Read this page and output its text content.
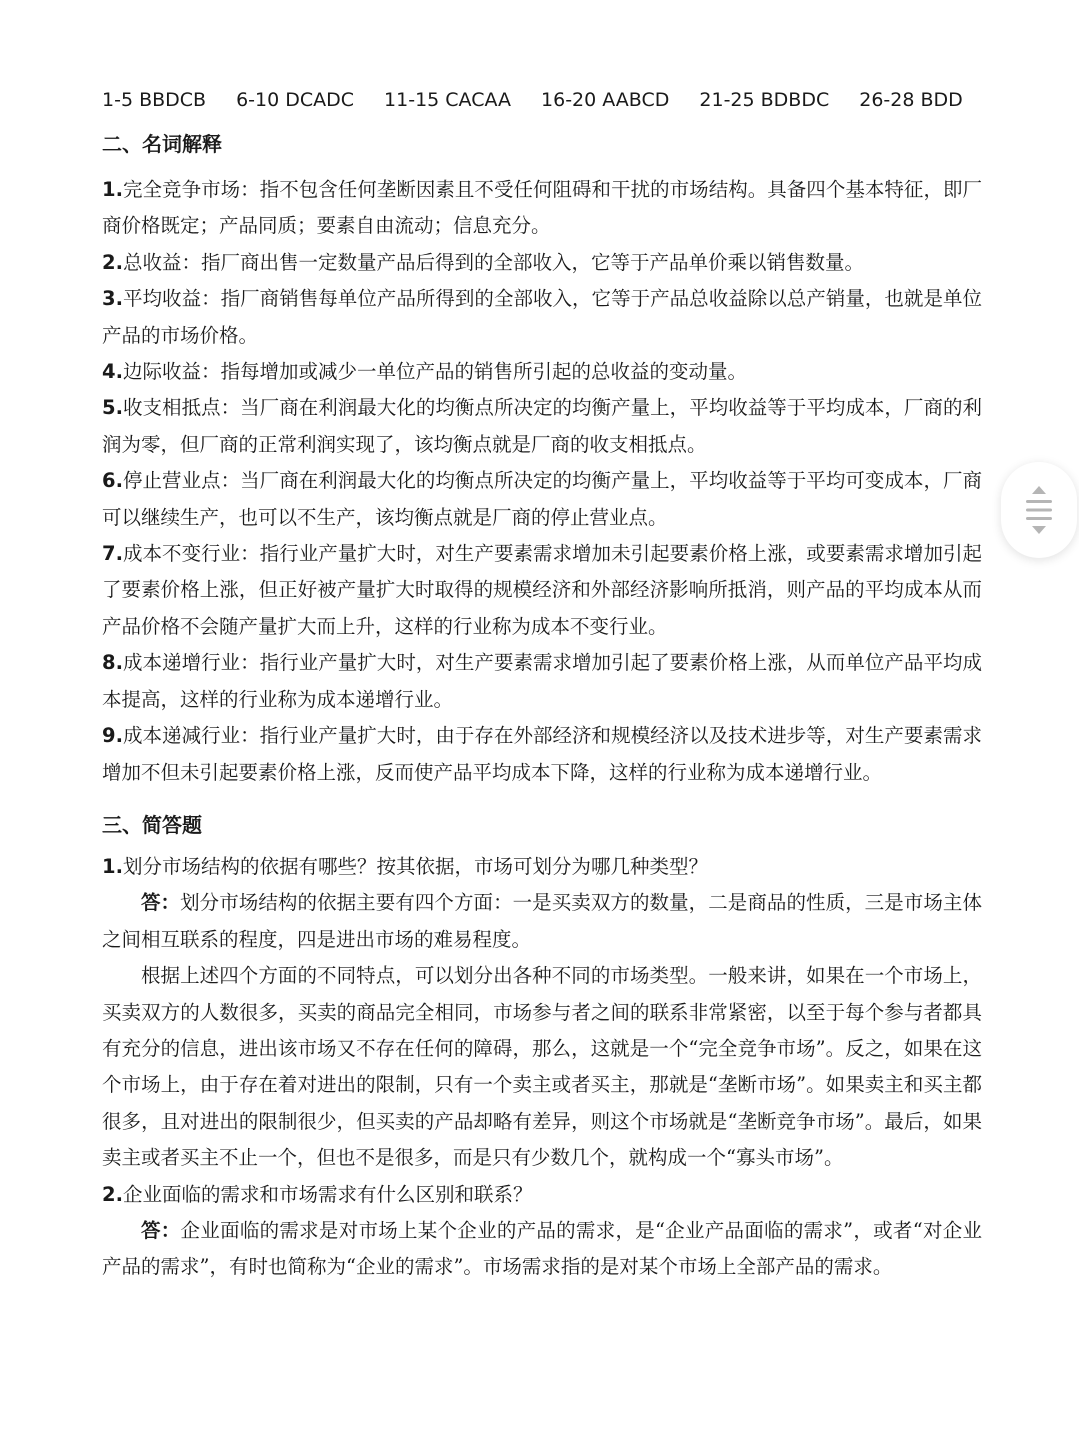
1-5 BBDCB 6-10 DCADC 11-15 CACAA 16-20 AABCD 21-25 BDBDC 26-28 BDD
二、名词解释

1.完全竞争市场：指不包含任何垄断因素且不受任何阻碍和干扰的市场结构。具备四个基本特征，即厂商价格既定；产品同质；要素自由流动；信息充分。

2.总收益：指厂商出售一定数量产品后得到的全部收入，它等于产品单价乘以销售数量。

3.平均收益：指厂商销售每单位产品所得到的全部收入，它等于产品总收益除以总产销量，也就是单位产品的市场价格。

4.边际收益：指每增加或减少一单位产品的销售所引起的总收益的变动量。

5.收支相抵点：当厂商在利润最大化的均衡点所决定的均衡产量上，平均收益等于平均成本，厂商的利润为零，但厂商的正常利润实现了，该均衡点就是厂商的收支相抵点。

6.停止营业点：当厂商在利润最大化的均衡点所决定的均衡产量上，平均收益等于平均可变成本，厂商可以继续生产，也可以不生产，该均衡点就是厂商的停止营业点。

7.成本不变行业：指行业产量扩大时，对生产要素需求增加未引起要素价格上涨，或要素需求增加引起了要素价格上涨，但正好被产量扩大时取得的规模经济和外部经济影响所抵消，则产品的平均成本从而产品价格不会随产量扩大而上升，这样的行业称为成本不变行业。

8.成本递增行业：指行业产量扩大时，对生产要素需求增加引起了要素价格上涨，从而单位产品平均成本提高，这样的行业称为成本递增行业。

9.成本递减行业：指行业产量扩大时，由于存在外部经济和规模经济以及技术进步等，对生产要素需求增加不但未引起要素价格上涨，反而使产品平均成本下降，这样的行业称为成本递增行业。

三、简答题

1.划分市场结构的依据有哪些？按其依据，市场可划分为哪几种类型？

答：划分市场结构的依据主要有四个方面：一是买卖双方的数量，二是商品的性质，三是市场主体之间相互联系的程度，四是进出市场的难易程度。

根据上述四个方面的不同特点，可以划分出各种不同的市场类型。一般来讲，如果在一个市场上，买卖双方的人数很多，买卖的商品完全相同，市场参与者之间的联系非常紧密，以至于每个参与者都具有充分的信息，进出该市场又不存在任何的障碍，那么，这就是一个“完全竞争市场”。反之，如果在这个市场上，由于存在着对进出的限制，只有一个卖主或者买主，那就是“垄断市场”。如果卖主和买主都很多，且对进出的限制很少，但买卖的产品却略有差异，则这个市场就是“垄断竞争市场”。最后，如果卖主或者买主不止一个，但也不是很多，而是只有少数几个，就构成一个“寡头市场”。

2.企业面临的需求和市场需求有什么区别和联系？

答：企业面临的需求是对市场上某个企业的产品的需求，是“企业产品面临的需求”，或者“对企业产品的需求”，有时也简称为“企业的需求”。市场需求指的是对某个市场上全部产品的需求。
